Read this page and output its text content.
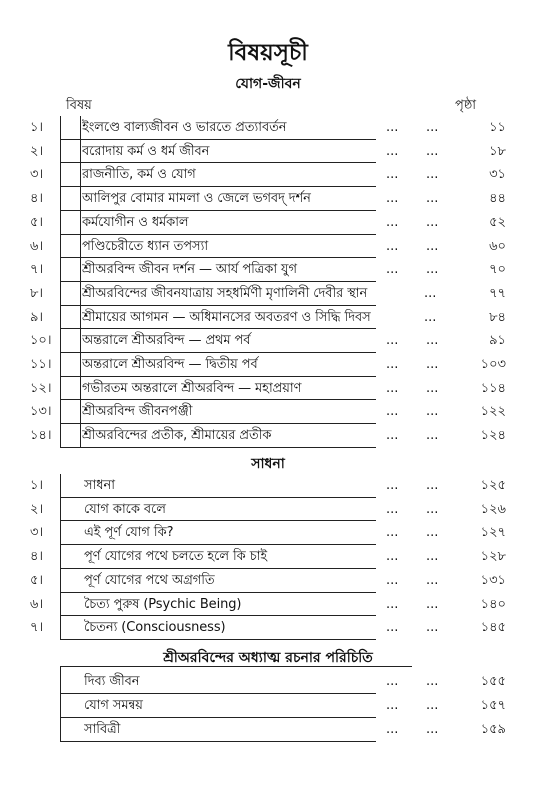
বিষয়সূচী
যোগ-জীবন
বিষয়	পৃষ্ঠা
১।	ইংলণ্ডে বাল্যজীবন ও ভারতে প্রত্যাবর্তন	... ...	১১
২।	বরোদায় কর্ম ও ধর্ম জীবন	... ...	১৮
৩।	রাজনীতি, কর্ম ও যোগ	... ...	৩১
৪।	আলিপুর বোমার মামলা ও জেলে ভগবদ্‌ দর্শন	... ...	৪৪
৫।	কর্মযোগীন ও ধর্মকাল	... ...	৫২
৬।	পণ্ডিচেরীতে ধ্যান তপস্যা	... ...	৬০
৭।	শ্রীঅরবিন্দ জীবন দর্শন — আর্য পত্রিকা যুগ	... ...	৭০
৮।	শ্রীঅরবিন্দের জীবনযাত্রায় সহধর্মিণী মৃণালিনী দেবীর স্থান	...	৭৭
৯।	শ্রীমায়ের আগমন — অধিমানসের অবতরণ ও সিদ্ধি দিবস	...	৮৪
১০।	অন্তরালে শ্রীঅরবিন্দ — প্রথম পর্ব	... ...	৯১
১১।	অন্তরালে শ্রীঅরবিন্দ — দ্বিতীয় পর্ব	... ...	১০৩
১২।	গভীরতম অন্তরালে শ্রীঅরবিন্দ — মহাপ্রয়াণ	... ...	১১৪
১৩।	শ্রীঅরবিন্দ জীবনপঞ্জী	... ...	১২২
১৪।	শ্রীঅরবিন্দের প্রতীক, শ্রীমায়ের প্রতীক	... ...	১২৪
সাধনা
১।	সাধনা	... ...	১২৫
২।	যোগ কাকে বলে	... ...	১২৬
৩।	এই পূর্ণ যোগ কি?	... ...	১২৭
৪।	পূর্ণ যোগের পথে চলতে হলে কি চাই	... ...	১২৮
৫।	পূর্ণ যোগের পথে অগ্রগতি	... ...	১৩১
৬।	চৈত্য পুরুষ (Psychic Being)	... ...	১৪০
৭।	চৈতন্য (Consciousness)	... ...	১৪৫
শ্রীঅরবিন্দের অধ্যাত্ম রচনার পরিচিতি
দিব্য জীবন	... ...	১৫৫
যোগ সমন্বয়	... ...	১৫৭
সাবিত্রী	... ...	১৫৯
